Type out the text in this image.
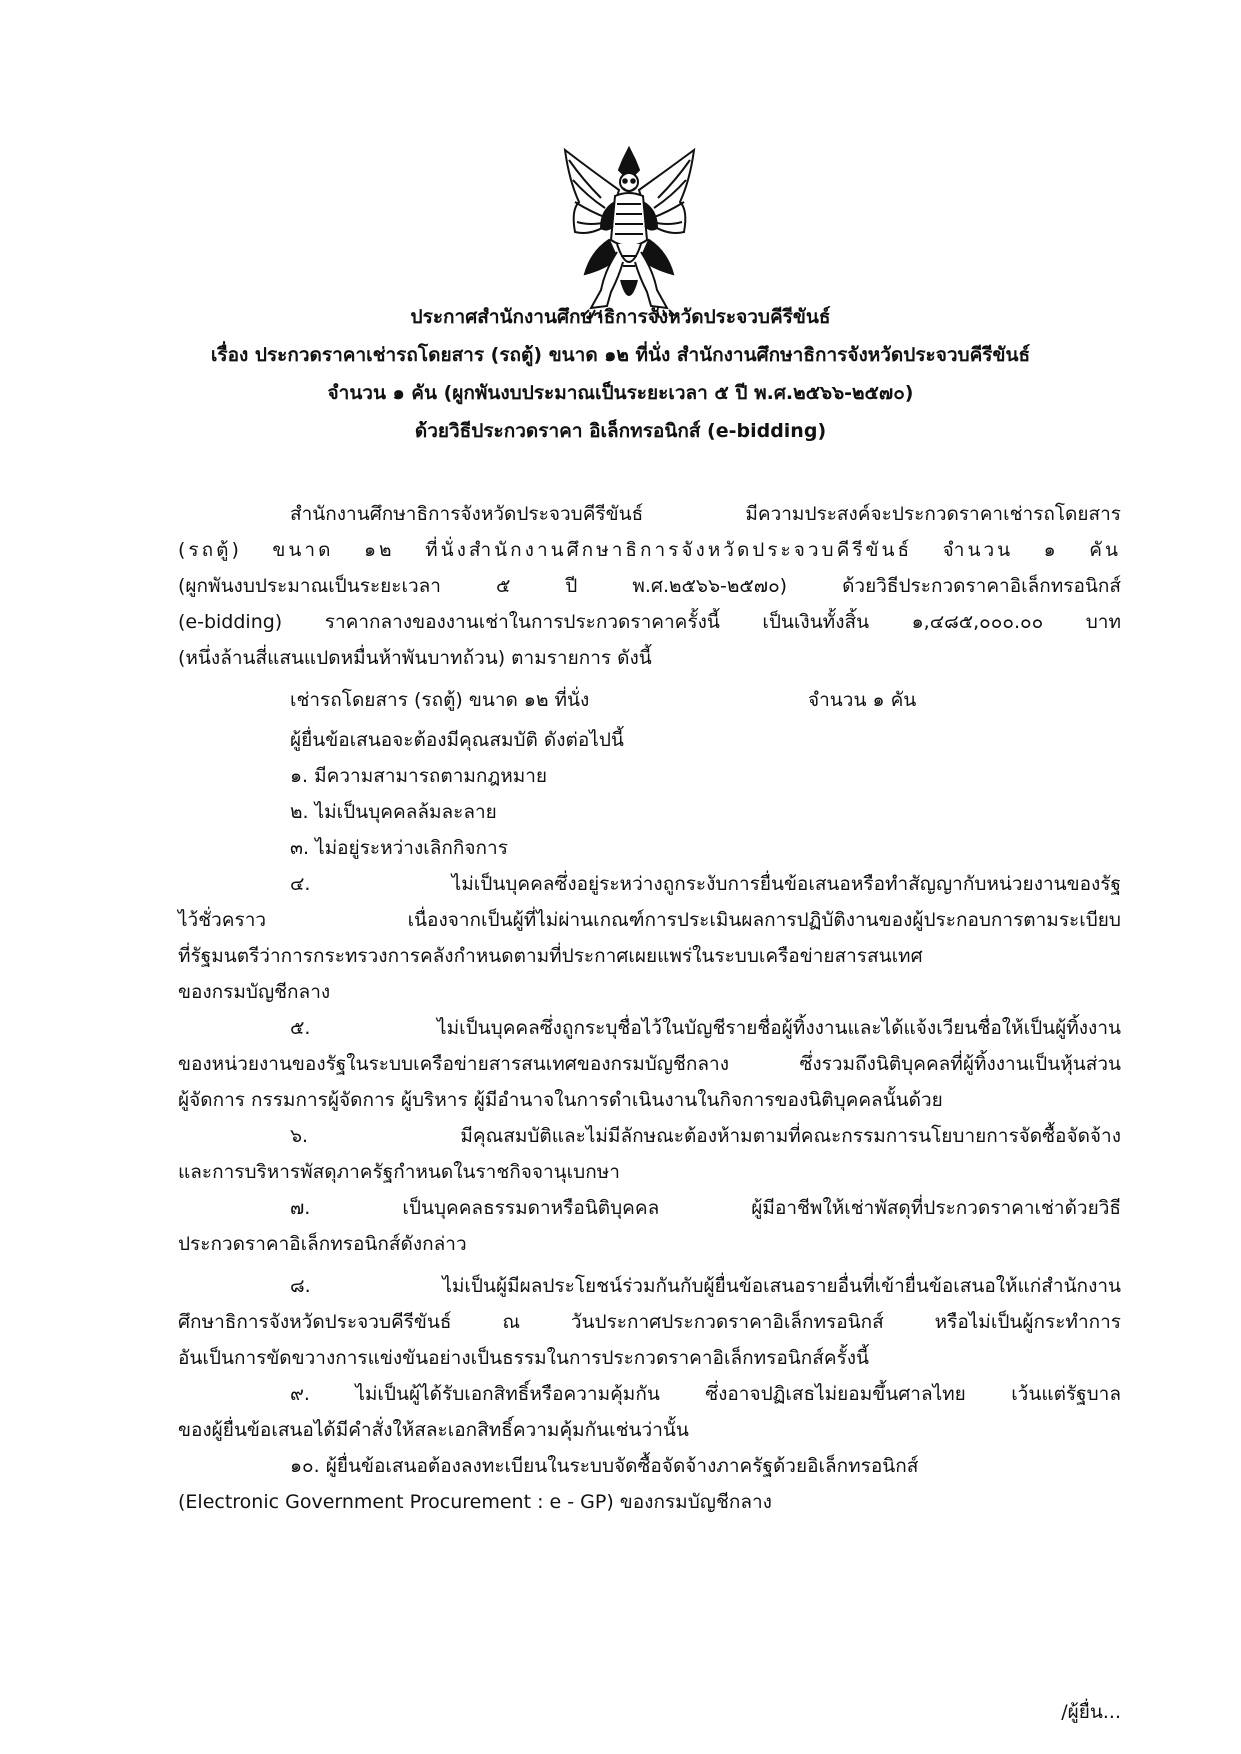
ประกาศสำนักงานศึกษาธิการจังหวัดประจวบคีรีขันธ์
เรื่อง ประกวดราคาเช่ารถโดยสาร (รถตู้) ขนาด ๑๒ ที่นั่ง สำนักงานศึกษาธิการจังหวัดประจวบคีรีขันธ์
จำนวน ๑ คัน (ผูกพันงบประมาณเป็นระยะเวลา ๕ ปี พ.ศ.๒๕๖๖-๒๕๗๐)
ด้วยวิธีประกวดราคา อิเล็กทรอนิกส์ (e-bidding)
สำนักงานศึกษาธิการจังหวัดประจวบคีรีขันธ์ มีความประสงค์จะประกวดราคาเช่ารถโดยสาร
(รถตู้) ขนาด ๑๒ ที่นั่งสำนักงานศึกษาธิการจังหวัดประจวบคีรีขันธ์ จำนวน ๑ คัน
(ผูกพันงบประมาณเป็นระยะเวลา ๕ ปี พ.ศ.๒๕๖๖-๒๕๗๐) ด้วยวิธีประกวดราคาอิเล็กทรอนิกส์
(e-bidding) ราคากลางของงานเช่าในการประกวดราคาครั้งนี้ เป็นเงินทั้งสิ้น ๑,๔๘๕,๐๐๐.๐๐ บาท
(หนึ่งล้านสี่แสนแปดหมื่นห้าพันบาทถ้วน) ตามรายการ ดังนี้
เช่ารถโดยสาร (รถตู้) ขนาด ๑๒ ที่นั่ง	จำนวน ๑ คัน
ผู้ยื่นข้อเสนอจะต้องมีคุณสมบัติ ดังต่อไปนี้
๑. มีความสามารถตามกฎหมาย
๒. ไม่เป็นบุคคลล้มละลาย
๓. ไม่อยู่ระหว่างเลิกกิจการ
๔. ไม่เป็นบุคคลซึ่งอยู่ระหว่างถูกระงับการยื่นข้อเสนอหรือทำสัญญากับหน่วยงานของรัฐ
ไว้ชั่วคราว เนื่องจากเป็นผู้ที่ไม่ผ่านเกณฑ์การประเมินผลการปฏิบัติงานของผู้ประกอบการตามระเบียบ
ที่รัฐมนตรีว่าการกระทรวงการคลังกำหนดตามที่ประกาศเผยแพร่ในระบบเครือข่ายสารสนเทศ
ของกรมบัญชีกลาง
๕. ไม่เป็นบุคคลซึ่งถูกระบุชื่อไว้ในบัญชีรายชื่อผู้ทิ้งงานและได้แจ้งเวียนชื่อให้เป็นผู้ทิ้งงาน
ของหน่วยงานของรัฐในระบบเครือข่ายสารสนเทศของกรมบัญชีกลาง ซึ่งรวมถึงนิติบุคคลที่ผู้ทิ้งงานเป็นหุ้นส่วน
ผู้จัดการ กรรมการผู้จัดการ ผู้บริหาร ผู้มีอำนาจในการดำเนินงานในกิจการของนิติบุคคลนั้นด้วย
๖. มีคุณสมบัติและไม่มีลักษณะต้องห้ามตามที่คณะกรรมการนโยบายการจัดซื้อจัดจ้าง
และการบริหารพัสดุภาครัฐกำหนดในราชกิจจานุเบกษา
๗. เป็นบุคคลธรรมดาหรือนิติบุคคล ผู้มีอาชีพให้เช่าพัสดุที่ประกวดราคาเช่าด้วยวิธี
ประกวดราคาอิเล็กทรอนิกส์ดังกล่าว
๘. ไม่เป็นผู้มีผลประโยชน์ร่วมกันกับผู้ยื่นข้อเสนอรายอื่นที่เข้ายื่นข้อเสนอให้แก่สำนักงาน
ศึกษาธิการจังหวัดประจวบคีรีขันธ์ ณ วันประกาศประกวดราคาอิเล็กทรอนิกส์ หรือไม่เป็นผู้กระทำการ
อันเป็นการขัดขวางการแข่งขันอย่างเป็นธรรมในการประกวดราคาอิเล็กทรอนิกส์ครั้งนี้
๙. ไม่เป็นผู้ได้รับเอกสิทธิ์หรือความคุ้มกัน ซึ่งอาจปฏิเสธไม่ยอมขึ้นศาลไทย เว้นแต่รัฐบาล
ของผู้ยื่นข้อเสนอได้มีคำสั่งให้สละเอกสิทธิ์ความคุ้มกันเช่นว่านั้น
๑๐. ผู้ยื่นข้อเสนอต้องลงทะเบียนในระบบจัดซื้อจัดจ้างภาครัฐด้วยอิเล็กทรอนิกส์
(Electronic Government Procurement : e - GP) ของกรมบัญชีกลาง
/ผู้ยื่น...
